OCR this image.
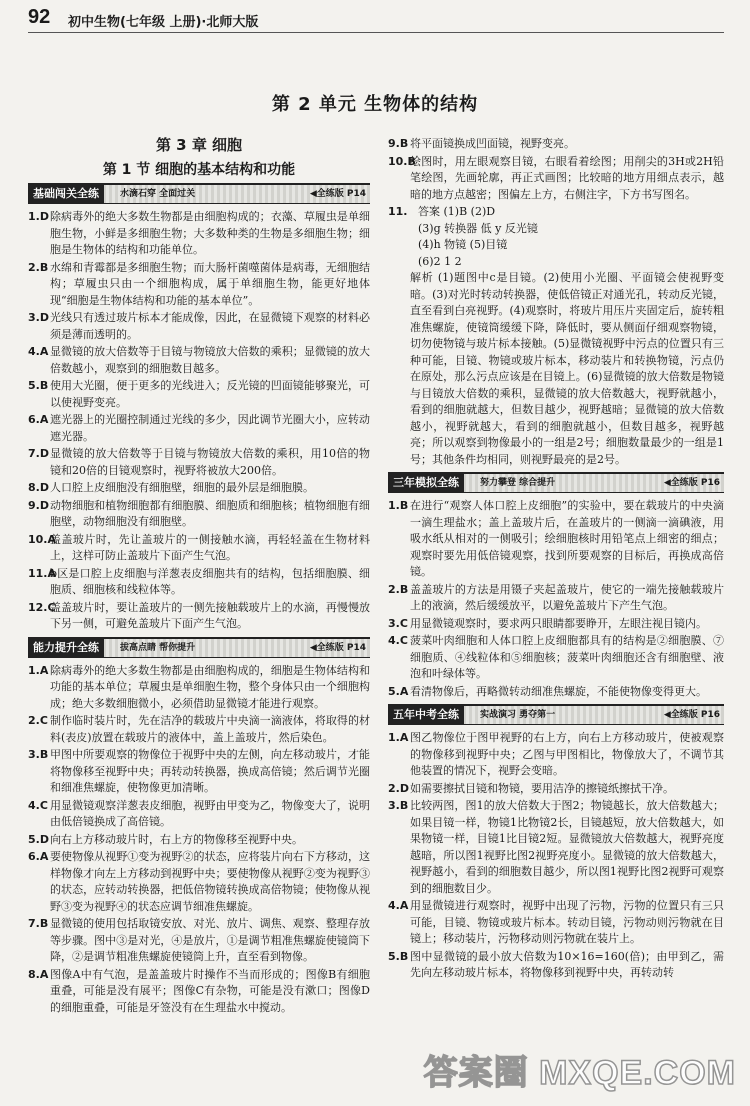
92 初中生物(七年级 上册)·北师大版
第 2 单元 生物体的结构
第 3 章 细胞
第 1 节 细胞的基本结构和功能
基础闯关全练	水滴石穿 全面过关	◀全练版 P14
1.D 除病毒外的绝大多数生物都是由细胞构成的；衣藻、草履虫是单细胞生物，小鲜是多细胞生物；大多数种类的生物是多细胞生物；细胞是生物体的结构和功能单位。
2.B 水绵和青霉都是多细胞生物；而大肠杆菌噬菌体是病毒，无细胞结构；草履虫只由一个细胞构成，属于单细胞生物，能更好地体现“细胞是生物体结构和功能的基本单位”。
3.D 光线只有透过玻片标本才能成像，因此，在显微镜下观察的材料必须是薄而透明的。
4.A 显微镜的放大倍数等于目镜与物镜放大倍数的乘积；显微镜的放大倍数越小，观察到的细胞数目越多。
5.B 使用大光圈，便于更多的光线进入；反光镜的凹面镜能够聚光，可以使视野变亮。
6.A 遮光器上的光圈控制通过光线的多少，因此调节光圈大小，应转动遮光器。
7.D 显微镜的放大倍数等于目镜与物镜放大倍数的乘积，用10倍的物镜和20倍的目镜观察时，视野将被放大200倍。
8.D 人口腔上皮细胞没有细胞壁，细胞的最外层是细胞膜。
9.D 动物细胞和植物细胞都有细胞膜、细胞质和细胞核；植物细胞有细胞壁，动物细胞没有细胞壁。
10.A
盖盖玻片时，先让盖玻片的一侧接触水滴，再轻轻盖在生物材料上，这样可防止盖玻片下面产生气泡。
11.A
b区是口腔上皮细胞与洋葱表皮细胞共有的结构，包括细胞膜、细胞质、细胞核和线粒体等。
12.C
盖盖玻片时，要让盖玻片的一侧先接触载玻片上的水滴，再慢慢放下另一侧，可避免盖玻片下面产生气泡。
能力提升全练	拔高点睛 帮你提升	◀全练版 P14
1.A 除病毒外的绝大多数生物都是由细胞构成的，细胞是生物体结构和功能的基本单位；草履虫是单细胞生物，整个身体只由一个细胞构成；绝大多数细胞微小，必须借助显微镜才能进行观察。
2.C 制作临时装片时，先在洁净的载玻片中央滴一滴液体，将取得的材料(表皮)放置在载玻片的液体中，盖上盖玻片，然后染色。
3.B 甲图中所要观察的物像位于视野中央的左侧，向左移动玻片，才能将物像移至视野中央；再转动转换器，换成高倍镜；然后调节光圈和细准焦螺旋，使物像更加清晰。
4.C 用显微镜观察洋葱表皮细胞，视野由甲变为乙，物像变大了，说明由低倍镜换成了高倍镜。
5.D 向右上方移动玻片时，右上方的物像移至视野中央。
6.A 要使物像从视野①变为视野②的状态，应将装片向右下方移动，这样物像才向左上方移动到视野中央；要使物像从视野②变为视野③的状态，应转动转换器，把低倍物镜转换成高倍物镜；使物像从视野③变为视野④的状态应调节细准焦螺旋。
7.B 显微镜的使用包括取镜安放、对光、放片、调焦、观察、整理存放等步骤。图中③是对光，④是放片，①是调节粗准焦螺旋使镜筒下降，②是调节粗准焦螺旋使镜筒上升，直至看到物像。
8.A 图像A中有气泡，是盖盖玻片时操作不当而形成的；图像B有细胞重叠，可能是没有展平；图像C有杂物，可能是没有漱口；图像D的细胞重叠，可能是牙签没有在生理盐水中搅动。
9.B 将平面镜换成凹面镜，视野变亮。
10.B
绘图时，用左眼观察目镜，右眼看着绘图；用削尖的3H或2H铅笔绘图，先画轮廓，再正式画图；比较暗的地方用细点表示，越暗的地方点越密；图偏左上方，右侧注字，下方书写图名。
11. 答案 (1)B (2)D
(3)g 转换器 低 y 反光镜
(4)h 物镜 (5)目镜
(6)2 1 2
解析 (1)题图中c是目镜。(2)使用小光圈、平面镜会使视野变暗。(3)对光时转动转换器，使低倍镜正对通光孔，转动反光镜，直至看到白亮视野。(4)观察时，将玻片用压片夹固定后，旋转粗准焦螺旋，使镜筒缓缓下降，降低时，要从侧面仔细观察物镜，切勿使物镜与玻片标本接触。(5)显微镜视野中污点的位置只有三种可能，目镜、物镜或玻片标本，移动装片和转换物镜，污点仍在原处，那么污点应该是在目镜上。(6)显微镜的放大倍数是物镜与目镜放大倍数的乘积，显微镜的放大倍数越大，视野就越小，看到的细胞就越大，但数目越少，视野越暗；显微镜的放大倍数越小，视野就越大，看到的细胞就越小，但数目越多，视野越亮；所以观察到物像最小的一组是2号；细胞数量最少的一组是1号；其他条件均相同，则视野最亮的是2号。
三年模拟全练	努力攀登 综合提升	◀全练版 P16
1.B 在进行“观察人体口腔上皮细胞”的实验中，要在载玻片的中央滴一滴生理盐水；盖上盖玻片后，在盖玻片的一侧滴一滴碘液，用吸水纸从相对的一侧吸引；绘细胞核时用铅笔点上细密的细点；观察时要先用低倍镜观察，找到所要观察的目标后，再换成高倍镜。
2.B 盖盖玻片的方法是用镊子夹起盖玻片，使它的一端先接触载玻片上的液滴，然后缓缓放平，以避免盖玻片下产生气泡。
3.C 用显微镜观察时，要求两只眼睛都要睁开，左眼注视目镜内。
4.C 菠菜叶肉细胞和人体口腔上皮细胞都具有的结构是②细胞膜、⑦细胞质、④线粒体和⑤细胞核；菠菜叶肉细胞还含有细胞壁、液泡和叶绿体等。
5.A 看清物像后，再略微转动细准焦螺旋，不能使物像变得更大。
五年中考全练	实战演习 勇夺第一	◀全练版 P16
1.A 图乙物像位于图甲视野的右上方，向右上方移动玻片，使被观察的物像移到视野中央；乙图与甲图相比，物像放大了，不调节其他装置的情况下，视野会变暗。
2.D 如需要擦拭目镜和物镜，要用洁净的擦镜纸擦拭干净。
3.B 比较两图，图1的放大倍数大于图2；物镜越长，放大倍数越大；如果目镜一样，物镜1比物镜2长，目镜越短，放大倍数越大，如果物镜一样，目镜1比目镜2短。显微镜放大倍数越大，视野亮度越暗，所以图1视野比图2视野亮度小。显微镜的放大倍数越大，视野越小，看到的细胞数目越少，所以图1视野比图2视野可观察到的细胞数目少。
4.A 用显微镜进行观察时，视野中出现了污物，污物的位置只有三只可能，目镜、物镜或玻片标本。转动目镜，污物动则污物就在目镜上；移动装片，污物移动则污物就在装片上。
5.B 图中显微镜的最小放大倍数为10×16=160(倍)；由甲到乙，需先向左移动玻片标本，将物像移到视野中央，再转动转
答案圈 MXQE.COM
